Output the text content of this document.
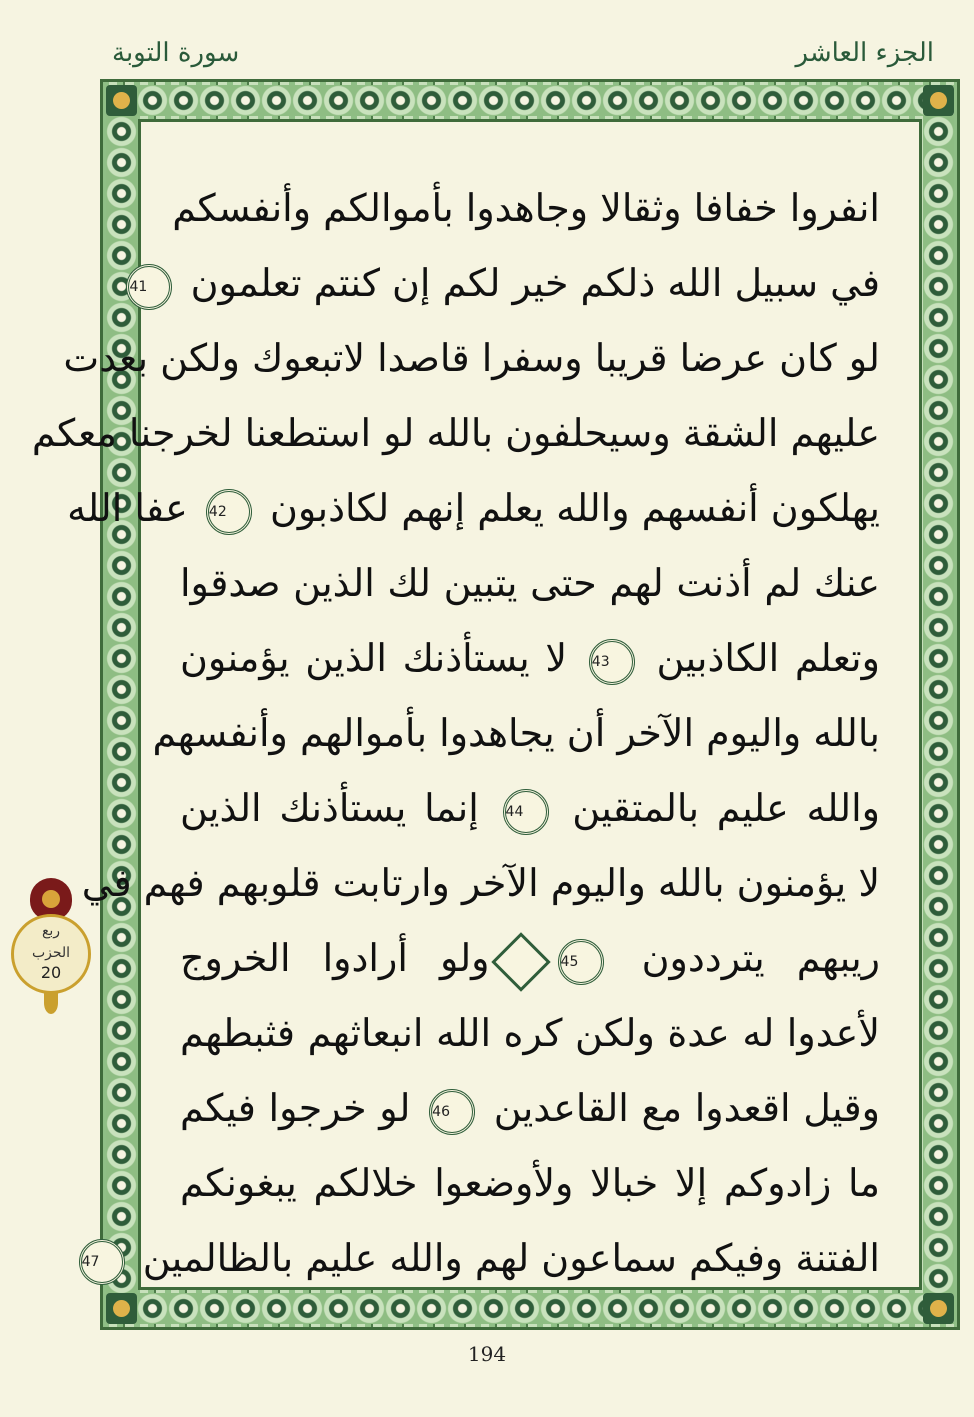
الجزء العاشر
سورة التوبة
انفروا خفافا وثقالا وجاهدوا بأموالكم وأنفسكم
في سبيل الله ذلكم خير لكم إن كنتم تعلمون 41
لو كان عرضا قريبا وسفرا قاصدا لاتبعوك ولكن بعدت
عليهم الشقة وسيحلفون بالله لو استطعنا لخرجنا معكم
يهلكون أنفسهم والله يعلم إنهم لكاذبون 42 عفا الله
عنك لم أذنت لهم حتى يتبين لك الذين صدقوا
وتعلم الكاذبين 43 لا يستأذنك الذين يؤمنون
بالله واليوم الآخر أن يجاهدوا بأموالهم وأنفسهم
والله عليم بالمتقين 44 إنما يستأذنك الذين
لا يؤمنون بالله واليوم الآخر وارتابت قلوبهم فهم في
ريبهم يترددون 45ولو أرادوا الخروج
لأعدوا له عدة ولكن كره الله انبعاثهم فثبطهم
وقيل اقعدوا مع القاعدين 46 لو خرجوا فيكم
ما زادوكم إلا خبالا ولأوضعوا خلالكم يبغونكم
الفتنة وفيكم سماعون لهم والله عليم بالظالمين 47
ربع
الحزب
20
194
